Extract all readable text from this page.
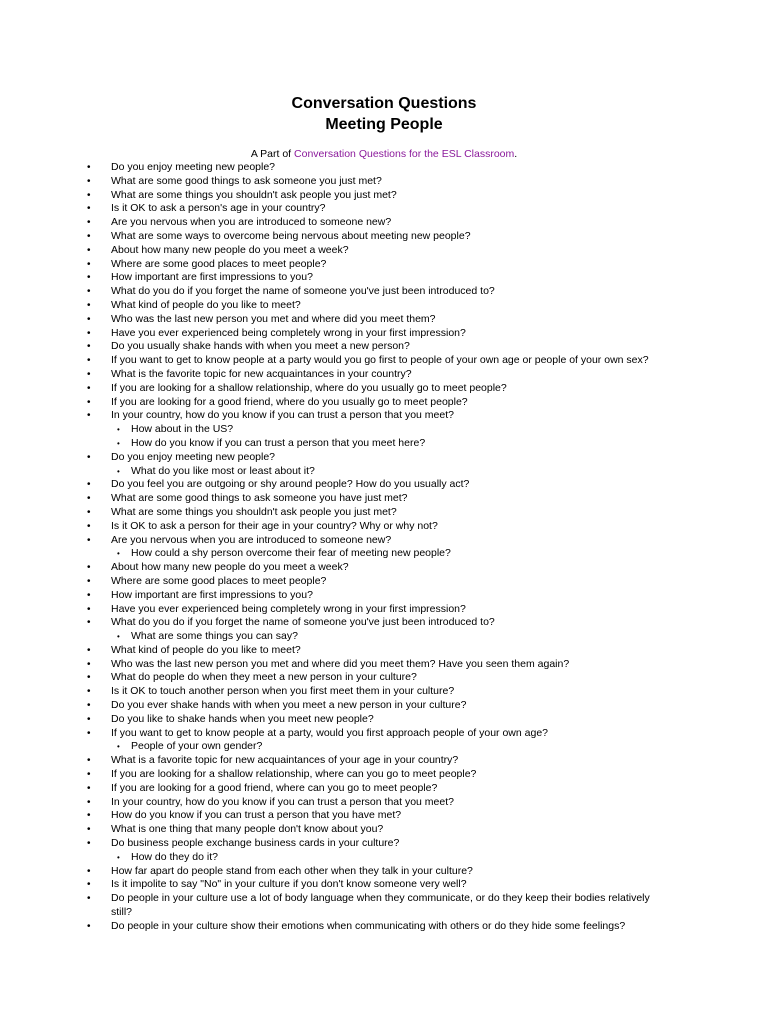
Conversation Questions
Meeting People
A Part of Conversation Questions for the ESL Classroom.
• Do you enjoy meeting new people?
• What are some good things to ask someone you just met?
• What are some things you shouldn't ask people you just met?
• Is it OK to ask a person's age in your country?
• Are you nervous when you are introduced to someone new?
• What are some ways to overcome being nervous about meeting new people?
• About how many new people do you meet a week?
• Where are some good places to meet people?
• How important are first impressions to you?
• What do you do if you forget the name of someone you've just been introduced to?
• What kind of people do you like to meet?
• Who was the last new person you met and where did you meet them?
• Have you ever experienced being completely wrong in your first impression?
• Do you usually shake hands with when you meet a new person?
• If you want to get to know people at a party would you go first to people of your own age or people of your own sex?
• What is the favorite topic for new acquaintances in your country?
• If you are looking for a shallow relationship, where do you usually go to meet people?
• If you are looking for a good friend, where do you usually go to meet people?
• In your country, how do you know if you can trust a person that you meet?
• How about in the US?
• How do you know if you can trust a person that you meet here?
• Do you enjoy meeting new people?
• What do you like most or least about it?
• Do you feel you are outgoing or shy around people? How do you usually act?
• What are some good things to ask someone you have just met?
• What are some things you shouldn't ask people you just met?
• Is it OK to ask a person for their age in your country? Why or why not?
• Are you nervous when you are introduced to someone new?
• How could a shy person overcome their fear of meeting new people?
• About how many new people do you meet a week?
• Where are some good places to meet people?
• How important are first impressions to you?
• Have you ever experienced being completely wrong in your first impression?
• What do you do if you forget the name of someone you've just been introduced to?
• What are some things you can say?
• What kind of people do you like to meet?
• Who was the last new person you met and where did you meet them? Have you seen them again?
• What do people do when they meet a new person in your culture?
• Is it OK to touch another person when you first meet them in your culture?
• Do you ever shake hands with when you meet a new person in your culture?
• Do you like to shake hands when you meet new people?
• If you want to get to know people at a party, would you first approach people of your own age?
• People of your own gender?
• What is a favorite topic for new acquaintances of your age in your country?
• If you are looking for a shallow relationship, where can you go to meet people?
• If you are looking for a good friend, where can you go to meet people?
• In your country, how do you know if you can trust a person that you meet?
• How do you know if you can trust a person that you have met?
• What is one thing that many people don't know about you?
• Do business people exchange business cards in your culture?
• How do they do it?
• How far apart do people stand from each other when they talk in your culture?
• Is it impolite to say "No" in your culture if you don't know someone very well?
• Do people in your culture use a lot of body language when they communicate, or do they keep their bodies relatively still?
• Do people in your culture show their emotions when communicating with others or do they hide some feelings?
